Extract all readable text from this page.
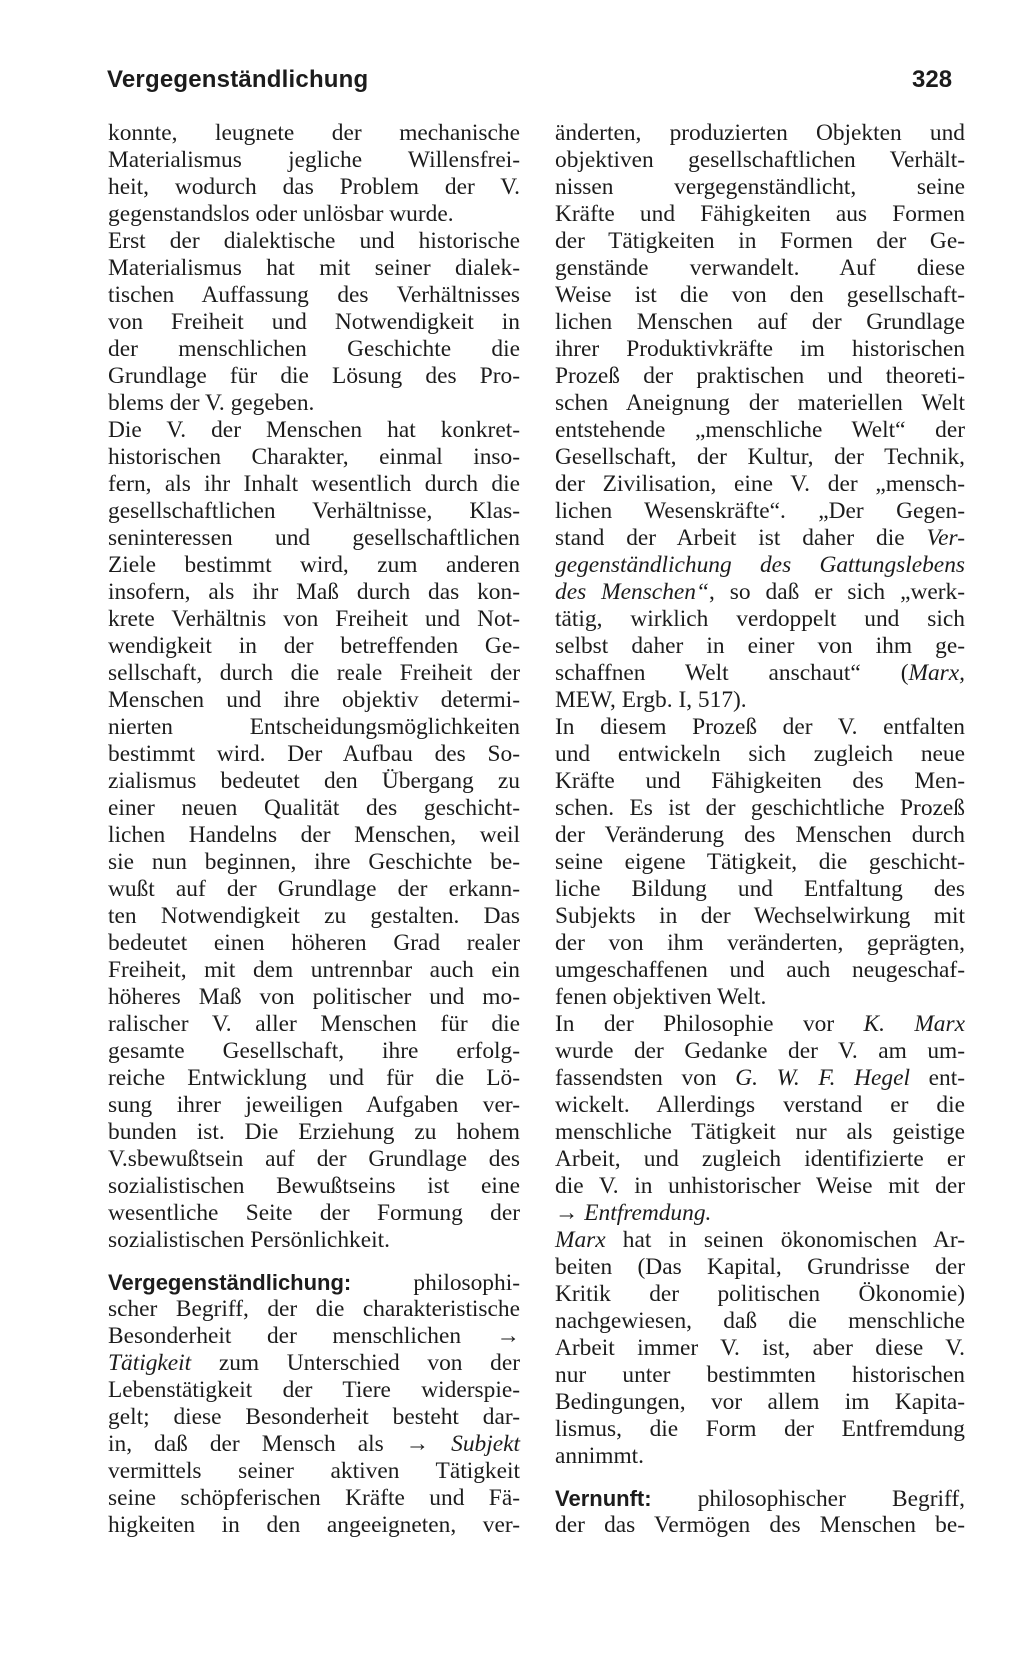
Vergegenständlichung	328
konnte, leugnete der mechanische
Materialismus jegliche Willensfrei-
heit, wodurch das Problem der V.
gegenstandslos oder unlösbar wurde.
Erst der dialektische und historische
Materialismus hat mit seiner dialek-
tischen Auffassung des Verhältnisses
von Freiheit und Notwendigkeit in
der menschlichen Geschichte die
Grundlage für die Lösung des Pro-
blems der V. gegeben.
Die V. der Menschen hat konkret-
historischen Charakter, einmal inso-
fern, als ihr Inhalt wesentlich durch die
gesellschaftlichen Verhältnisse, Klas-
seninteressen und gesellschaftlichen
Ziele bestimmt wird, zum anderen
insofern, als ihr Maß durch das kon-
krete Verhältnis von Freiheit und Not-
wendigkeit in der betreffenden Ge-
sellschaft, durch die reale Freiheit der
Menschen und ihre objektiv determi-
nierten Entscheidungsmöglichkeiten
bestimmt wird. Der Aufbau des So-
zialismus bedeutet den Übergang zu
einer neuen Qualität des geschicht-
lichen Handelns der Menschen, weil
sie nun beginnen, ihre Geschichte be-
wußt auf der Grundlage der erkann-
ten Notwendigkeit zu gestalten. Das
bedeutet einen höheren Grad realer
Freiheit, mit dem untrennbar auch ein
höheres Maß von politischer und mo-
ralischer V. aller Menschen für die
gesamte Gesellschaft, ihre erfolg-
reiche Entwicklung und für die Lö-
sung ihrer jeweiligen Aufgaben ver-
bunden ist. Die Erziehung zu hohem
V.sbewußtsein auf der Grundlage des
sozialistischen Bewußtseins ist eine
wesentliche Seite der Formung der
sozialistischen Persönlichkeit.
Vergegenständlichung: philosophi-
scher Begriff, der die charakteristische
Besonderheit der menschlichen →
Tätigkeit zum Unterschied von der
Lebenstätigkeit der Tiere widerspie-
gelt; diese Besonderheit besteht dar-
in, daß der Mensch als → Subjekt
vermittels seiner aktiven Tätigkeit
seine schöpferischen Kräfte und Fä-
higkeiten in den angeeigneten, ver-
änderten, produzierten Objekten und
objektiven gesellschaftlichen Verhält-
nissen vergegenständlicht, seine
Kräfte und Fähigkeiten aus Formen
der Tätigkeiten in Formen der Ge-
genstände verwandelt. Auf diese
Weise ist die von den gesellschaft-
lichen Menschen auf der Grundlage
ihrer Produktivkräfte im historischen
Prozeß der praktischen und theoreti-
schen Aneignung der materiellen Welt
entstehende „menschliche Welt“ der
Gesellschaft, der Kultur, der Technik,
der Zivilisation, eine V. der „mensch-
lichen Wesenskräfte“. „Der Gegen-
stand der Arbeit ist daher die Ver-
gegenständlichung des Gattungslebens
des Menschen“, so daß er sich „werk-
tätig, wirklich verdoppelt und sich
selbst daher in einer von ihm ge-
schaffnen Welt anschaut“ (Marx,
MEW, Ergb. I, 517).
In diesem Prozeß der V. entfalten
und entwickeln sich zugleich neue
Kräfte und Fähigkeiten des Men-
schen. Es ist der geschichtliche Prozeß
der Veränderung des Menschen durch
seine eigene Tätigkeit, die geschicht-
liche Bildung und Entfaltung des
Subjekts in der Wechselwirkung mit
der von ihm veränderten, geprägten,
umgeschaffenen und auch neugeschaf-
fenen objektiven Welt.
In der Philosophie vor K. Marx
wurde der Gedanke der V. am um-
fassendsten von G. W. F. Hegel ent-
wickelt. Allerdings verstand er die
menschliche Tätigkeit nur als geistige
Arbeit, und zugleich identifizierte er
die V. in unhistorischer Weise mit der
→ Entfremdung.
Marx hat in seinen ökonomischen Ar-
beiten (Das Kapital, Grundrisse der
Kritik der politischen Ökonomie)
nachgewiesen, daß die menschliche
Arbeit immer V. ist, aber diese V.
nur unter bestimmten historischen
Bedingungen, vor allem im Kapita-
lismus, die Form der Entfremdung
annimmt.
Vernunft: philosophischer Begriff,
der das Vermögen des Menschen be-
